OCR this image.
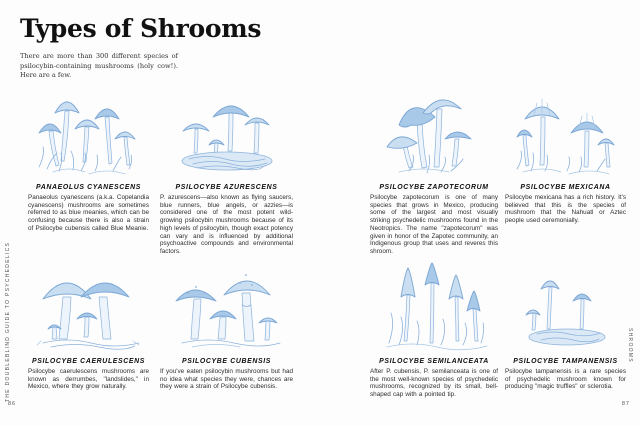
Types of Shrooms

There are more than 300 different species of psilocybin-containing mushrooms (holy cow!). Here are a few.

PANAEOLUS CYANESCENS

Panaeolus cyanescens (a.k.a. Copelandia cyanescens) mushrooms are sometimes referred to as blue meanies, which can be confusing because there is also a strain of Psilocybe cubensis called Blue Meanie.

PSILOCYBE AZURESCENS

P. azurescens—also known as flying saucers, blue runners, blue angels, or azzies—is considered one of the most potent wild-growing psilocybin mushrooms because of its high levels of psilocybin, though exact potency can vary and is influenced by additional psychoactive compounds and environmental factors.

PSILOCYBE ZAPOTECORUM

Psilocybe zapotecorum is one of many species that grows in Mexico, producing some of the largest and most visually striking psychedelic mushrooms found in the Neotropics. The name "zapotecorum" was given in honor of the Zapotec community, an Indigenous group that uses and reveres this shroom.

PSILOCYBE MEXICANA

Psilocybe mexicana has a rich history. It's believed that this is the species of mushroom that the Nahuatl or Aztec people used ceremonially.

PSILOCYBE CAERULESCENS

Psilocybe caerulescens mushrooms are known as derrumbes, "landslides," in Mexico, where they grow naturally.

PSILOCYBE CUBENSIS

If you've eaten psilocybin mushrooms but had no idea what species they were, chances are they were a strain of Psilocybe cubensis.

PSILOCYBE SEMILANCEATA

After P. cubensis, P. semilanceata is one of the most well-known species of psychedelic mushrooms, recognized by its small, bell-shaped cap with a pointed tip.

PSILOCYBE TAMPANENSIS

Psilocybe tampanensis is a rare species of psychedelic mushroom known for producing "magic truffles" or sclerotia.

THE DOUBLEBLIND GUIDE TO PSYCHEDELICS	SHROOMS
86	87
